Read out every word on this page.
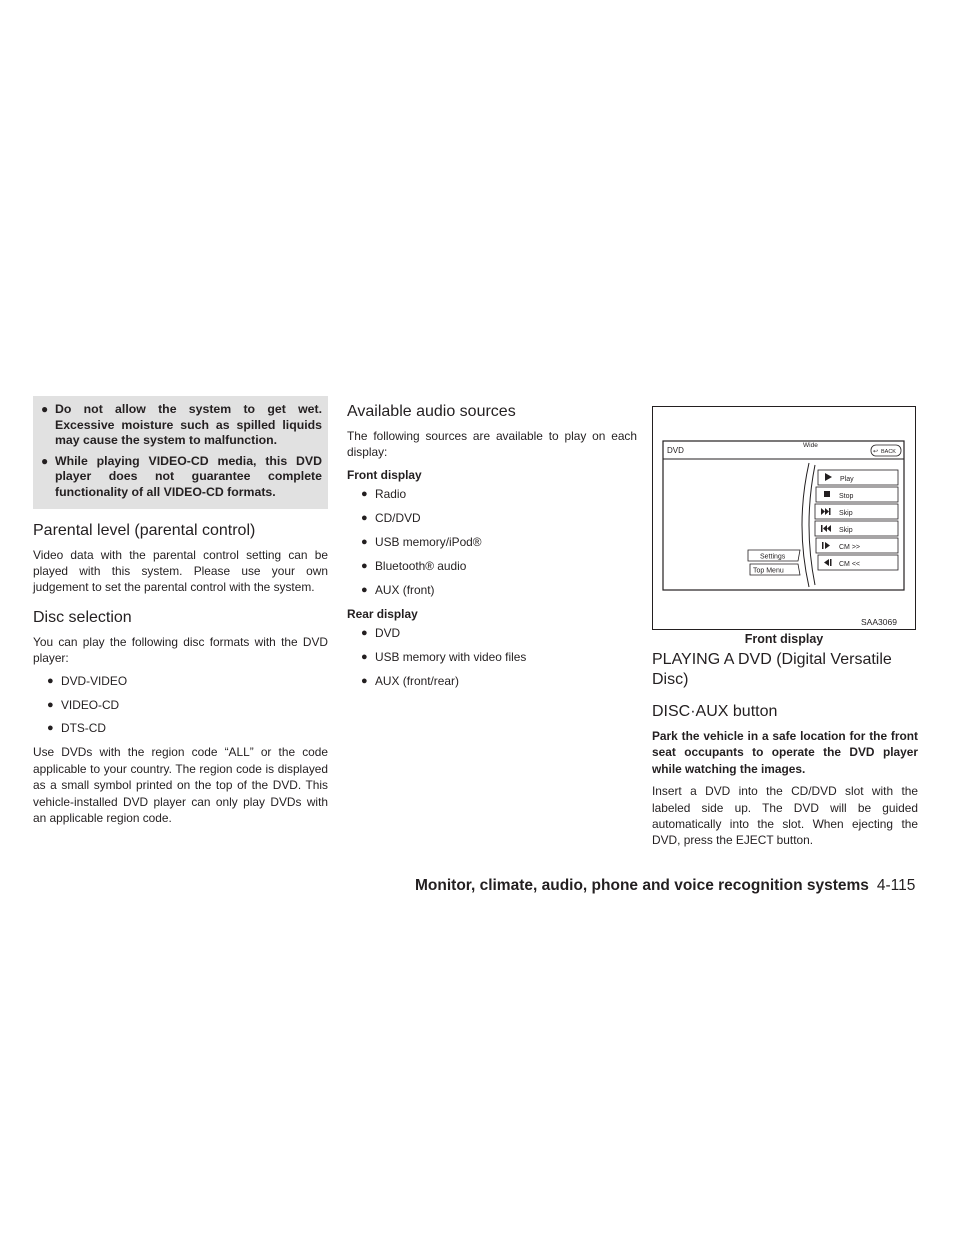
● Do not allow the system to get wet. Excessive moisture such as spilled liquids may cause the system to malfunction.
● While playing VIDEO-CD media, this DVD player does not guarantee complete functionality of all VIDEO-CD formats.
Parental level (parental control)

Video data with the parental control setting can be played with this system. Please use your own judgement to set the parental control with the system.

Disc selection

You can play the following disc formats with the DVD player:

● DVD-VIDEO
● VIDEO-CD
● DTS-CD

Use DVDs with the region code “ALL” or the code applicable to your country. The region code is displayed as a small symbol printed on the top of the DVD. This vehicle-installed DVD player can only play DVDs with an applicable region code.

Available audio sources

The following sources are available to play on each display:

Front display
● Radio
● CD/DVD
● USB memory/iPod®
● Bluetooth® audio
● AUX (front)
Rear display
● DVD
● USB memory with video files
● AUX (front/rear)
DVD
Wide
BACK
↩
Play
Stop
Skip
Skip
CM >>
CM <<
Settings
Top Menu
SAA3069
Front display
PLAYING A DVD (Digital Versatile Disc)
DISC·AUX button

Park the vehicle in a safe location for the front seat occupants to operate the DVD player while watching the images.

Insert a DVD into the CD/DVD slot with the labeled side up. The DVD will be guided automatically into the slot. When ejecting the DVD, press the EJECT button.

Monitor, climate, audio, phone and voice recognition systems 4-115
